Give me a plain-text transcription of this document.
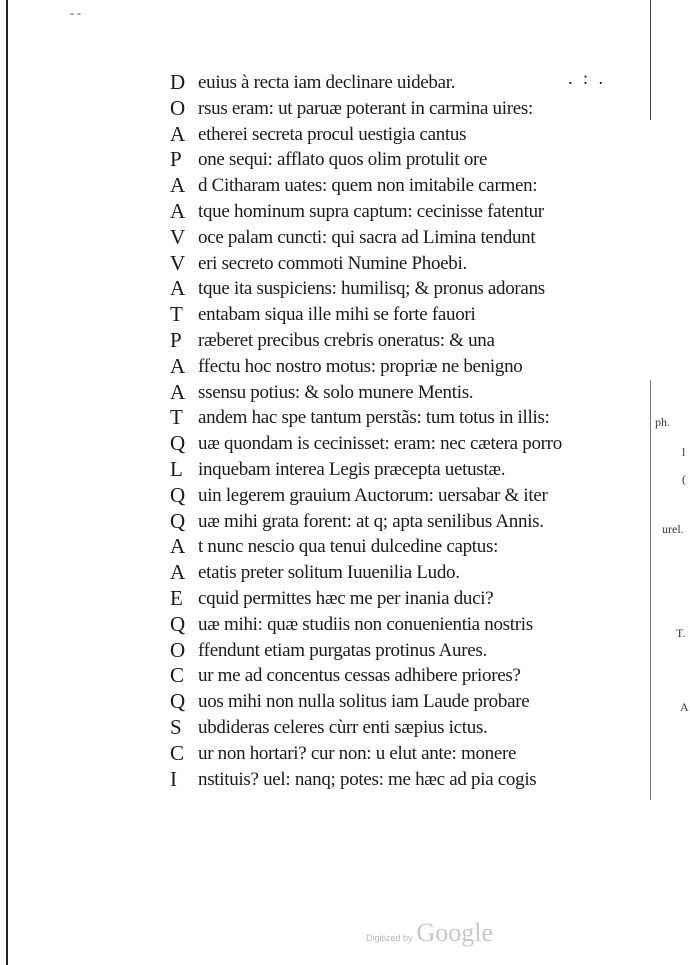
- -
. : .
D euius à recta iam declinare uidebar.
O rsus eram: ut paruæ poterant in carmina uires:
A etherei secreta procul uestigia cantus
P one sequi: afflato quos olim protulit ore
A d Citharam uates: quem non imitabile carmen:
A tque hominum supra captum: cecinisse fatentur
V oce palam cuncti: qui sacra ad Limina tendunt
V eri secreto commoti Numine Phoebi.
A tque ita suspiciens: humilisq; & pronus adorans
T entabam siqua ille mihi se forte fauori
P ræberet precibus crebris oneratus: & una
A ffectu hoc nostro motus: propriæ ne benigno
A ssensu potius: & solo munere Mentis.
T andem hac spe tantum perstãs: tum totus in illis:
Q uæ quondam is cecinisset: eram: nec cætera porro
L inquebam interea Legis præcepta uetustæ.
Q uin legerem grauium Auctorum: uersabar & iter
Q uæ mihi grata forent: at q; apta senilibus Annis.
A t nunc nescio qua tenui dulcedine captus:
A etatis preter solitum Iuuenilia Ludo.
E cquid permittes hæc me per inania duci?
Q uæ mihi: quæ studiis non conuenientia nostris
O ffendunt etiam purgatas protinus Aures.
C ur me ad concentus cessas adhibere priores?
Q uos mihi non nulla solitus iam Laude probare
S ubdideras celeres cùrr enti sæpius ictus.
C ur non hortari? cur non: u elut ante: monere
I	nstituis? uel: nanq; potes: me hæc ad pia cogis
ph.
l
(
urel.
T.
A
Digitized by Google
